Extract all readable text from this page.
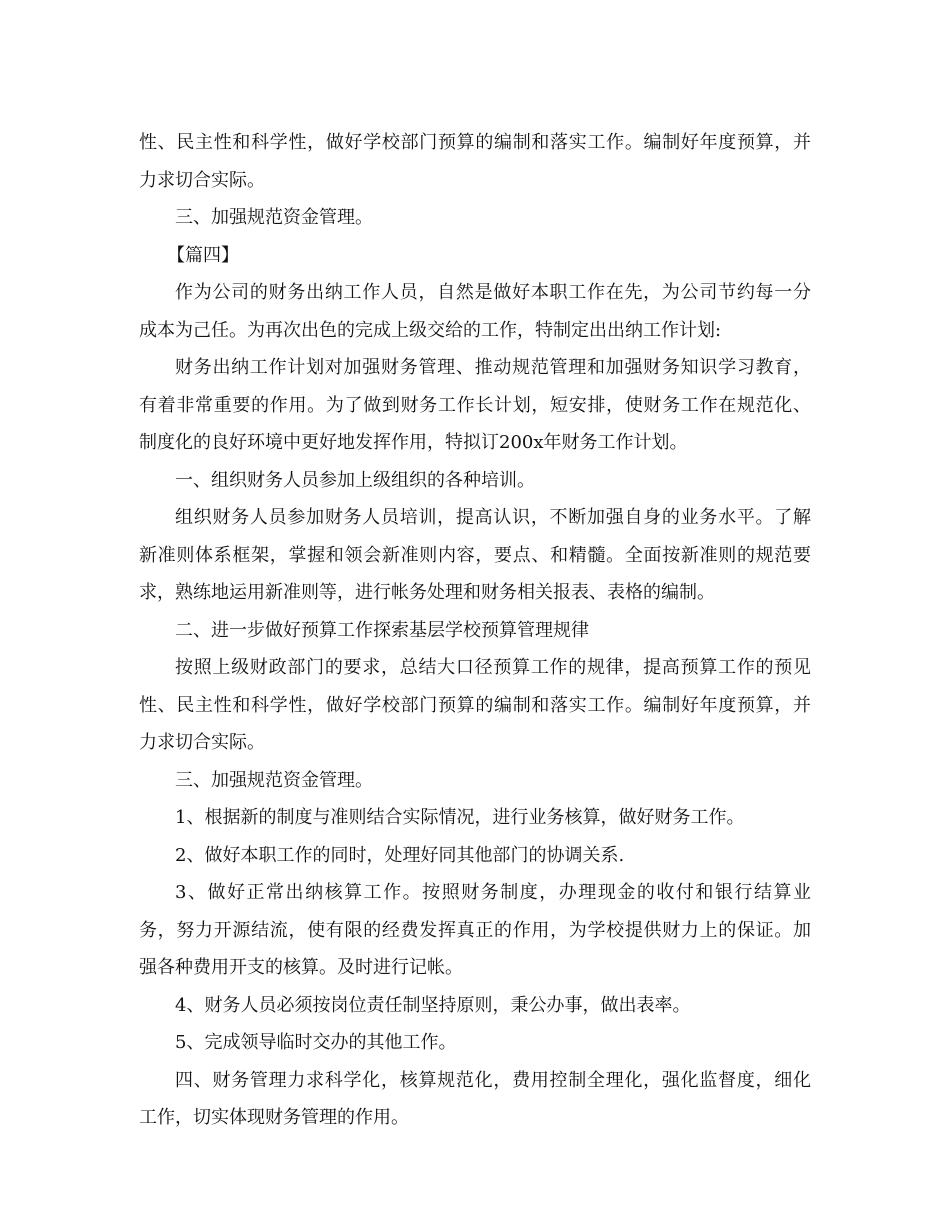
性、民主性和科学性，做好学校部门预算的编制和落实工作。编制好年度预算，并
力求切合实际。
三、加强规范资金管理。
【篇四】
作为公司的财务出纳工作人员，自然是做好本职工作在先，为公司节约每一分
成本为己任。为再次出色的完成上级交给的工作，特制定出出纳工作计划:
财务出纳工作计划对加强财务管理、推动规范管理和加强财务知识学习教育，
有着非常重要的作用。为了做到财务工作长计划，短安排，使财务工作在规范化、
制度化的良好环境中更好地发挥作用，特拟订200x年财务工作计划。
一、组织财务人员参加上级组织的各种培训。
组织财务人员参加财务人员培训，提高认识，不断加强自身的业务水平。了解
新准则体系框架，掌握和领会新准则内容，要点、和精髓。全面按新准则的规范要
求，熟练地运用新准则等，进行帐务处理和财务相关报表、表格的编制。
二、进一步做好预算工作探索基层学校预算管理规律
按照上级财政部门的要求，总结大口径预算工作的规律，提高预算工作的预见
性、民主性和科学性，做好学校部门预算的编制和落实工作。编制好年度预算，并
力求切合实际。
三、加强规范资金管理。
1、根据新的制度与准则结合实际情况，进行业务核算，做好财务工作。
2、做好本职工作的同时，处理好同其他部门的协调关系.
3、做好正常出纳核算工作。按照财务制度，办理现金的收付和银行结算业
务，努力开源结流，使有限的经费发挥真正的作用，为学校提供财力上的保证。加
强各种费用开支的核算。及时进行记帐。
4、财务人员必须按岗位责任制坚持原则，秉公办事，做出表率。
5、完成领导临时交办的其他工作。
四、财务管理力求科学化，核算规范化，费用控制全理化，强化监督度，细化
工作，切实体现财务管理的作用。
